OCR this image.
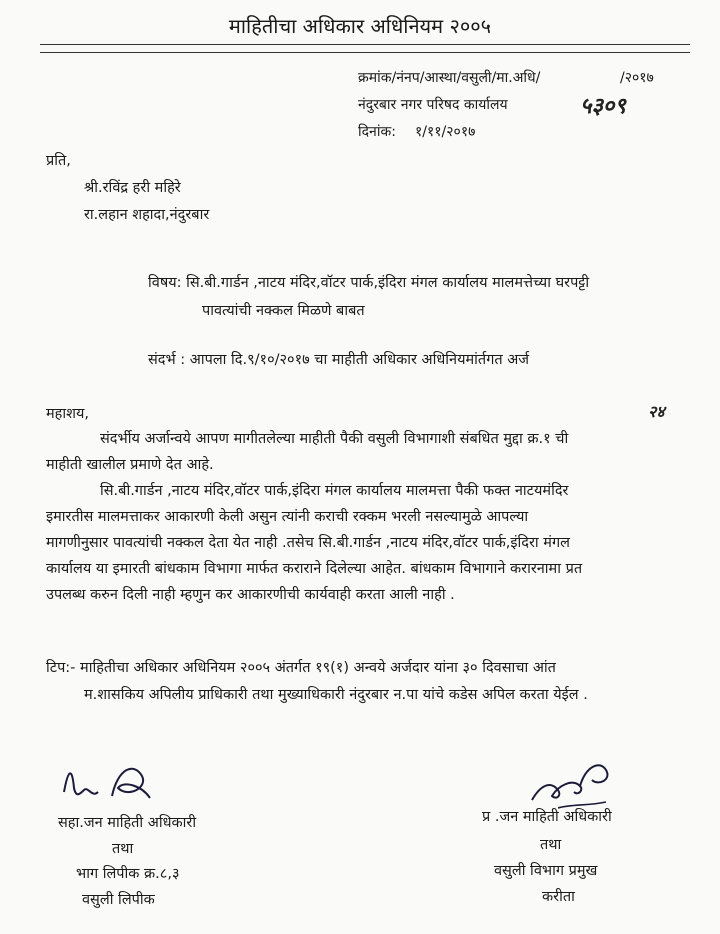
माहितीचा अधिकार अधिनियम २००५
क्रमांक/नंनप/आस्था/वसुली/मा.अधि/	/२०१७
नंदुरबार नगर परिषद कार्यालय	५३०९
दिनांक: १/११/२०१७
प्रति,
श्री.रविंद्र हरी महिरे
रा.लहान शहादा,नंदुरबार
विषय: सि.बी.गार्डन ,नाटय मंदिर,वॉटर पार्क,इंदिरा मंगल कार्यालय मालमत्तेच्या घरपट्टी
पावत्यांची नक्कल मिळणे बाबत
संदर्भ : आपला दि.९/१०/२०१७ चा माहीती अधिकार अधिनियमांर्तगत अर्ज
महाशय,	२४
संदर्भीय अर्जान्वये आपण मागीतलेल्या माहीती पैकी वसुली विभागाशी संबधित मुद्दा क्र.१ ची
माहीती खालील प्रमाणे देत आहे.
सि.बी.गार्डन ,नाटय मंदिर,वॉटर पार्क,इंदिरा मंगल कार्यालय मालमत्ता पैकी फक्त नाटयमंदिर
इमारतीस मालमत्ताकर आकारणी केली असुन त्यांनी कराची रक्कम भरली नसल्यामुळे आपल्या
मागणीनुसार पावत्यांची नक्कल देता येत नाही .तसेच सि.बी.गार्डन ,नाटय मंदिर,वॉटर पार्क,इंदिरा मंगल
कार्यालय या इमारती बांधकाम विभागा मार्फत कराराने दिलेल्या आहेत. बांधकाम विभागाने करारनामा प्रत
उपलब्ध करुन दिली नाही म्हणुन कर आकारणीची कार्यवाही करता आली नाही .
टिप:- माहितीचा अधिकार अधिनियम २००५ अंतर्गत १९(१) अन्वये अर्जदार यांना ३० दिवसाचा आंत
म.शासकिय अपिलीय प्राधिकारी तथा मुख्याधिकारी नंदुरबार न.पा यांचे कडेस अपिल करता येईल .
सहा.जन माहिती अधिकारी
तथा
भाग लिपीक क्र.८,३
वसुली लिपीक
प्र .जन माहिती अधिकारी
तथा
वसुली विभाग प्रमुख
करीता
